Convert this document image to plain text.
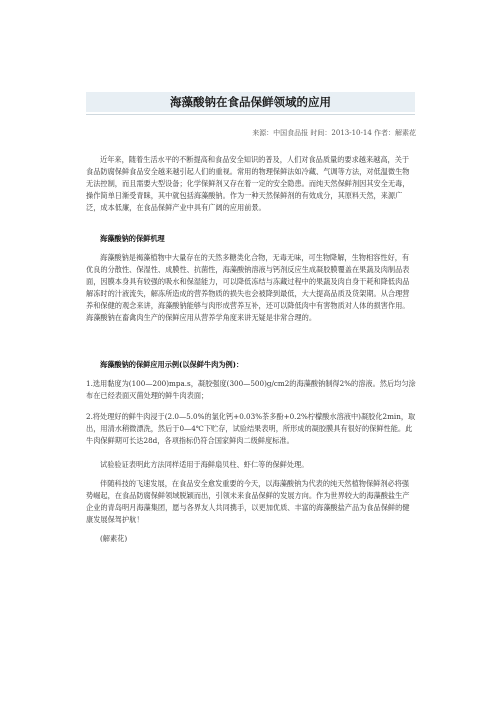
海藻酸钠在食品保鲜领域的应用
来源：中国食品报 时间：2013-10-14 作者：解素花

近年来，随着生活水平的不断提高和食品安全知识的普及，人们对食品质量的要求越来越高，关于食品防腐保鲜食品安全越来越引起人们的重视。常用的物理保鲜法如冷藏、气调等方法，对低温微生物无法控制，而且需要大型设备；化学保鲜剂又存在着一定的安全隐患。而纯天然保鲜剂因其安全无毒，操作简单日渐受青睐，其中就包括海藻酸钠。作为一种天然保鲜剂的有效成分，其原料天然，来源广泛，成本低廉，在食品保鲜产业中具有广阔的应用前景。

海藻酸钠的保鲜机理

海藻酸钠是褐藻植物中大量存在的天然多糖类化合物，无毒无味，可生物降解，生物相容性好，有优良的分散性、保湿性、成膜性、抗菌性，海藻酸钠溶液与钙剂反应生成凝胶膜覆盖在果蔬及肉制品表面，因膜本身具有较强的吸水和保湿能力，可以降低冻结与冻藏过程中的果蔬及肉自身干耗和降低肉品解冻时的汁液流失，解冻所造成的营养物质的损失也会被降到最低，大大提高品质及货架期。从合理营养和保健的观念来讲，海藻酸钠能够与肉形成营养互补，还可以降低肉中有害物质对人体的损害作用。海藻酸钠在畜禽肉生产的保鲜应用从营养学角度来讲无疑是非常合理的。

海藻酸钠的保鲜应用示例(以保鲜牛肉为例)：

1.选用黏度为(100—200)mpa.s，凝胶强度(300—500)g/cm2的海藻酸钠制得2%的溶液。然后均匀涂布在已经表面灭菌处理的鲜牛肉表面；

2.将处理好的鲜牛肉浸于(2.0—5.0%的氯化钙+0.03%茶多酚+0.2%柠檬酸水溶液中)凝胶化2min，取出，用清水稍微漂洗，然后于0—4℃下贮存，试验结果表明，所形成的凝胶膜具有很好的保鲜性能。此牛肉保鲜期可长达28d，各项指标仍符合国家鲜肉二级鲜度标准。

试验验证表明此方法同样适用于海鲜扇贝柱、虾仁等的保鲜处理。

伴随科技的飞速发展，在食品安全愈发重要的今天，以海藻酸钠为代表的纯天然植物保鲜剂必将强势崛起，在食品防腐保鲜领域脱颖而出，引领未来食品保鲜的发展方向。作为世界较大的海藻酸盐生产企业的青岛明月海藻集团，愿与各界友人共同携手，以更加优质、丰富的海藻酸盐产品为食品保鲜的健康发展保驾护航！

(解素花)
